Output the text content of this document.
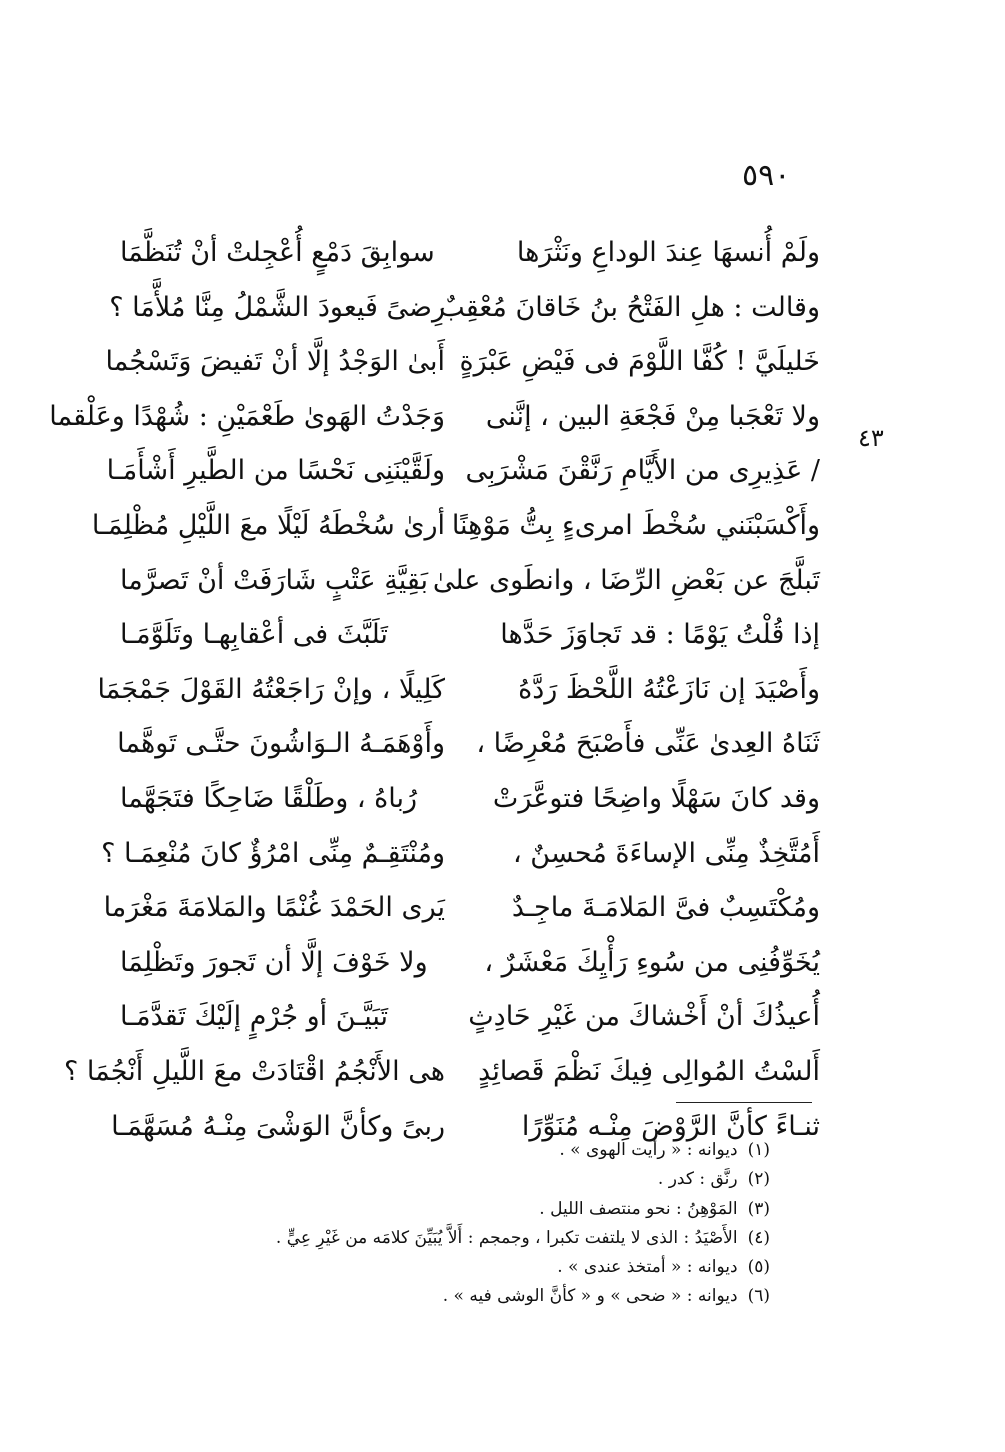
٥٩٠
٤٣
ولَمْ أُنسهَا عِندَ الوداعِ ونَثْرَها
سوابِقَ دَمْعٍ أُعْجِلتْ أنْ تُنَظَّمَا
وقالت : هلِ الفَتْحُ بنُ خَاقانَ مُعْقِبٌ
رِضىً فَيعودَ الشَّمْلُ مِنَّا مُلأَّمَا ؟
خَليلَيَّ ! كُفَّا اللَّوْمَ فى فَيْضِ عَبْرَةٍ
أَبىٰ الوَجْدُ إلَّا أنْ تَفيضَ وَتَسْجُما
ولا تَعْجَبا مِنْ فَجْعَةِ البين ، إنَّنى
وَجَدْتُ الهَوىٰ طَعْمَيْنِ : شُهْدًا وعَلْقما
/ عَذِيرِى من الأَيَّامِ رَنَّقْنَ مَشْرَبِى
ولَقَّيْنَنِى نَحْسًا من الطَّيرِ أَشْأَمَـا
وأَكْسَبْنَني سُخْطَ امرىءٍ بِتُّ مَوْهِنًا
أرىٰ سُخْطَهُ لَيْلًا معَ اللَّيْلِ مُظْلِمَـا
تَبلَّجَ عن بَعْضِ الرِّضَا ، وانطَوى علىٰ
بَقِيَّةِ عَتْبٍ شَارَفَتْ أنْ تَصرَّما
إذا قُلْتُ يَوْمًا : قد تَجاوَزَ حَدَّها
تَلَبَّثَ فى أعْقابِهـا وتَلَوَّمَـا
وأَصْيَدَ إن نَازَعْتُهُ اللَّحْظَ رَدَّهُ
كَلِيلًا ، وإنْ رَاجَعْتُهُ القَوْلَ جَمْجَمَا
ثَنَاهُ العِدىٰ عَنِّى فأَصْبَحَ مُعْرِضًا ،
وأَوْهَمَـهُ الـوَاشُونَ حتَّـى تَوهَّما
وقد كانَ سَهْلًا واضِحًا فتوعَّرَتْ
رُباهُ ، وطَلْقًا ضَاحِكًا فتَجَهَّما
أَمُتَّخِذٌ مِنِّى الإساءَةَ مُحسِنٌ ،
ومُنْتَقِـمٌ مِنِّى امْرُؤٌ كانَ مُنْعِمَـا ؟
ومُكْتَسِبٌ فىَّ المَلامَـةَ ماجِـدٌ
يَرى الحَمْدَ غُنْمًا والمَلامَةَ مَغْرَما
يُخَوِّفُنِى من سُوءِ رَأْيِكَ مَعْشَرٌ ،
ولا خَوْفَ إلَّا أن تَجورَ وتَظْلِمَا
أُعيذُكَ أنْ أَخْشاكَ من غَيْرِ حَادِثٍ
تَبَيَّـنَ أو جُرْمٍ إلَيْكَ تَقدَّمَـا
أَلسْتُ المُوالِى فِيكَ نَظْمَ قَصائِدٍ
هى الأَنْجُمُ اقْتَادَتْ معَ اللَّيلِ أَنْجُمَا ؟
ثنـاءً كأنَّ الرَّوْضَ مِنْـه مُنَوِّرًا
ربىً وكأنَّ الوَشْىَ مِنْـهُ مُسَهَّمَـا
(١)ديوانه : « رأيت الهوى » .
(٢)رنَّق : كدر .
(٣)المَوْهِنُ : نحو منتصف الليل .
(٤)الأَصْيَدُ : الذى لا يلتفت تكبرا ، وجمجم : أَلاَّ يُبَيِّنَ كلامَه من غَيْرِ عِيٍّ .
(٥)ديوانه : « أمتخذ عندى » .
(٦)ديوانه : « ضحى » و « كأنَّ الوشى فيه » .
